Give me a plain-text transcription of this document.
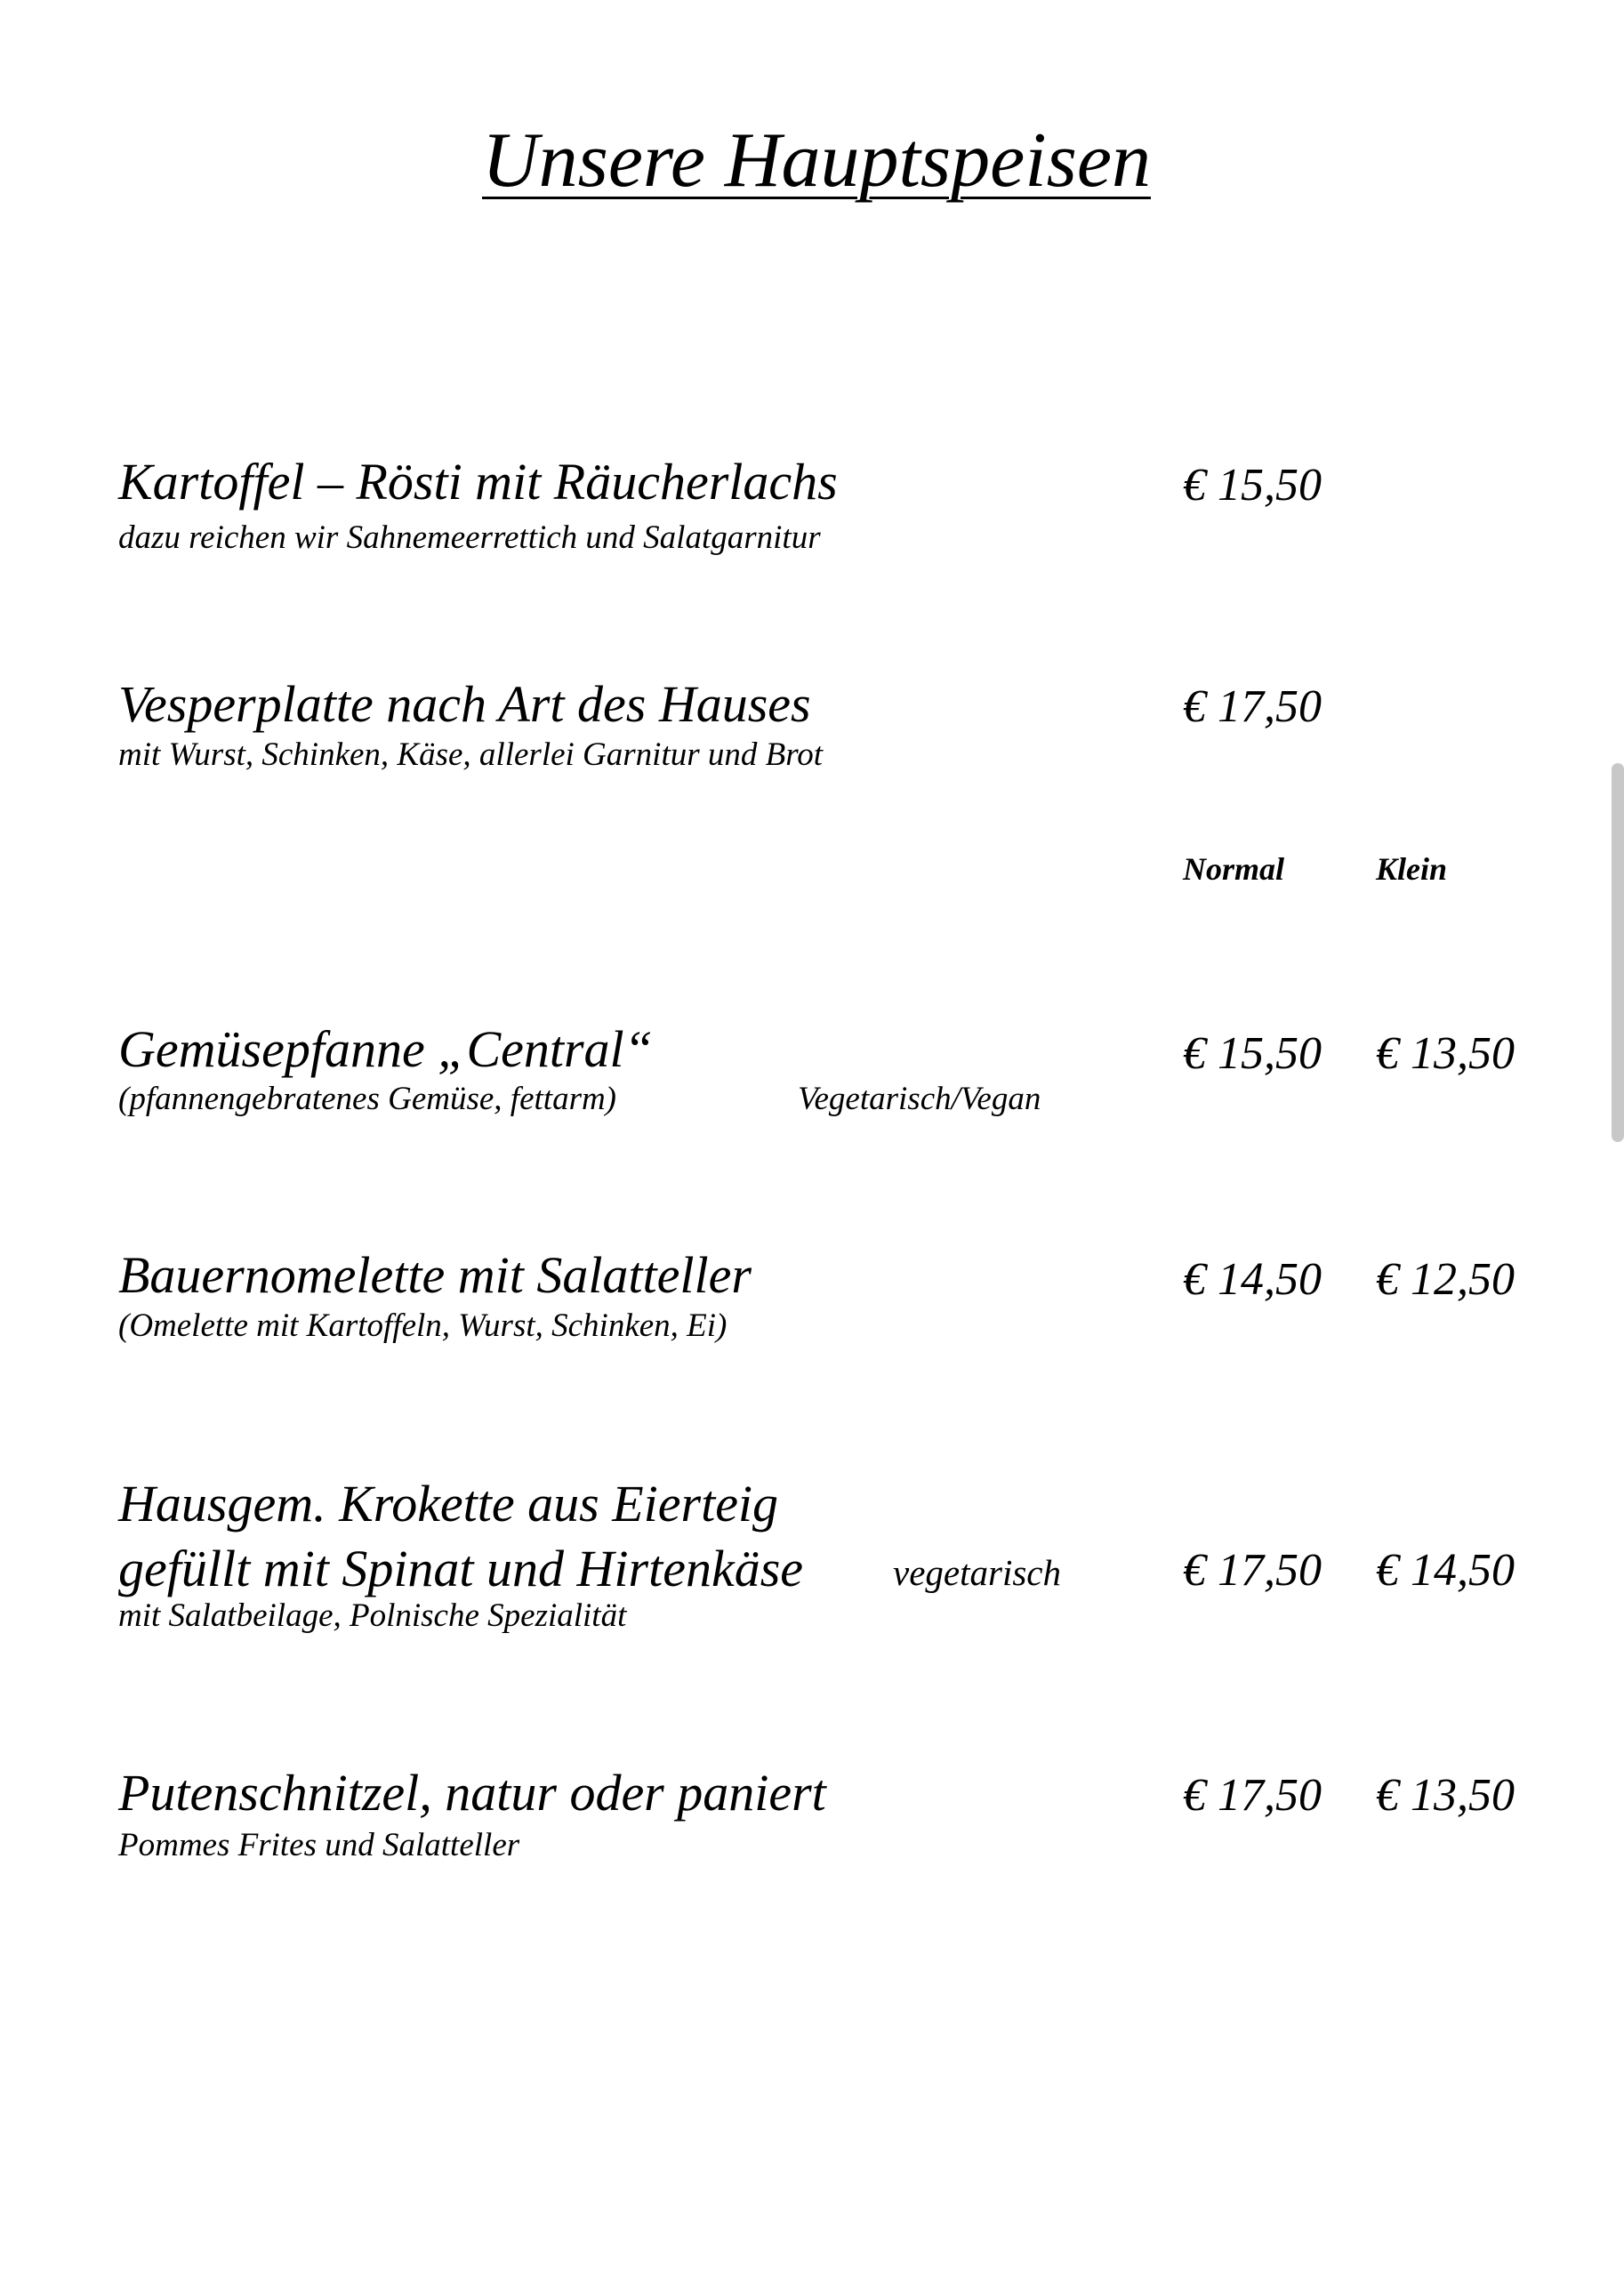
Unsere Hauptspeisen
Kartoffel – Rösti mit Räucherlachs
dazu reichen wir Sahnemeerrettich und Salatgarnitur
€ 15,50
Vesperplatte nach Art des Hauses
mit Wurst, Schinken, Käse, allerlei Garnitur und Brot
€ 17,50
Normal	Klein
Gemüsepfanne „Central“
(pfannengebratenes Gemüse, fettarm)	Vegetarisch/Vegan
€ 15,50 € 13,50
Bauernomelette mit Salatteller
(Omelette mit Kartoffeln, Wurst, Schinken, Ei)
€ 14,50 € 12,50
Hausgem. Krokette aus Eierteig
gefüllt mit Spinat und Hirtenkäse
mit Salatbeilage, Polnische Spezialität
vegetarisch	€ 17,50 € 14,50
Putenschnitzel, natur oder paniert
Pommes Frites und Salatteller
€ 17,50 € 13,50
